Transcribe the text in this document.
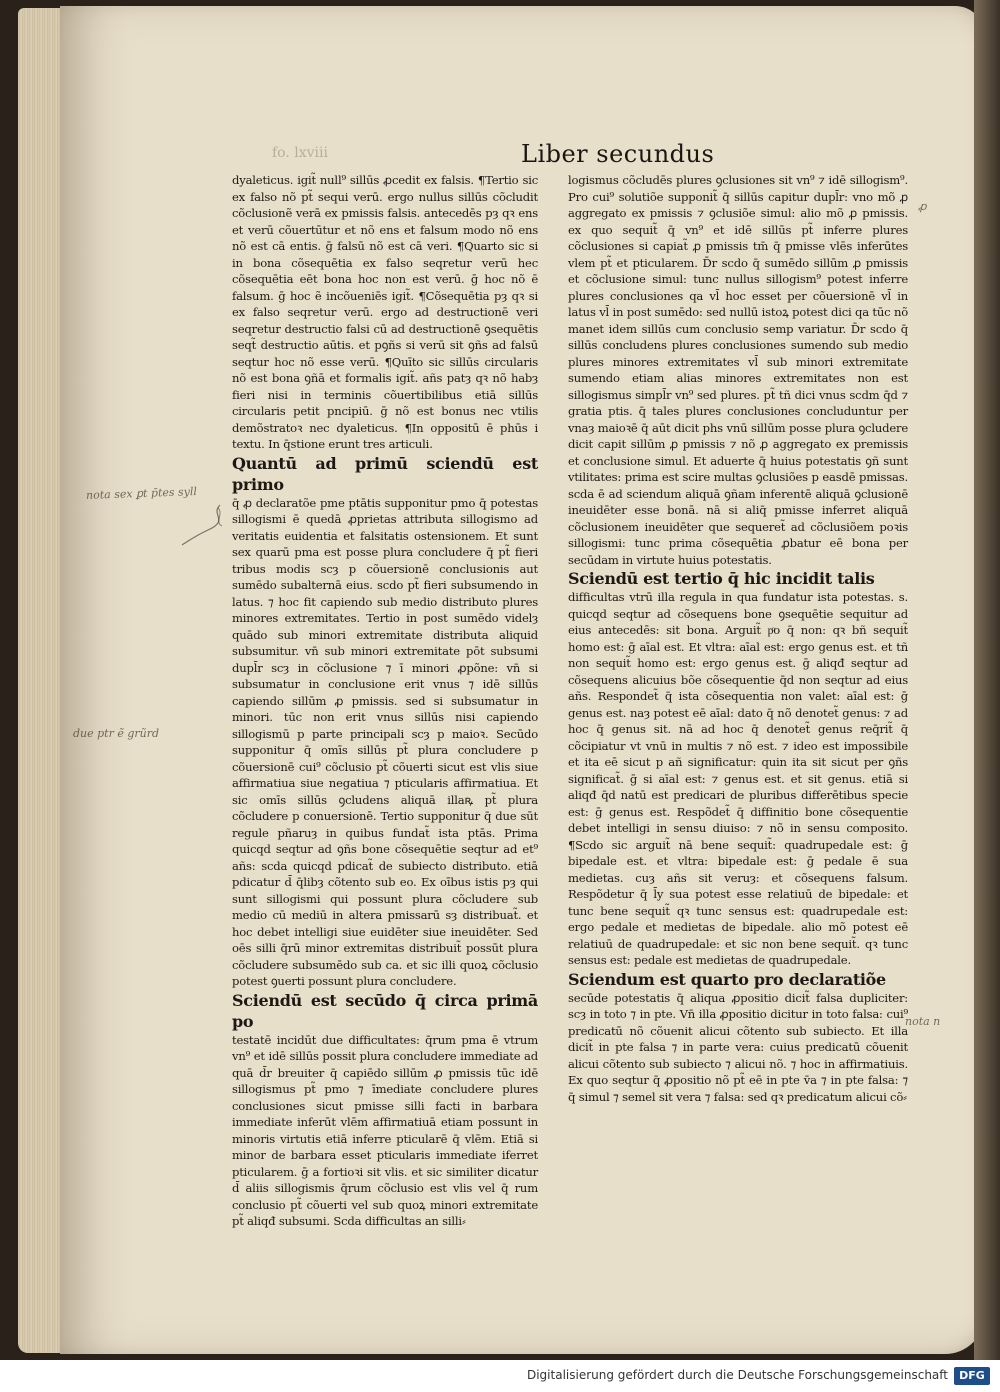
fo. lxviii	Liber secundus

dyaleticus. igit̃ null⁹ sillūs ꝓcedit ex falsis. ¶Tertio sic ex falso nõ pt̃ sequi verū. ergo nullus sillūs cõcludit cõclusionẽ verā ex pmissis falsis. antecedēs pȝ qꝛ ens et verū cõuertūtur et nõ ens et falsum modo nõ ens nõ est cā entis. ḡ falsū nõ est cā veri. ¶Quarto sic si in bona cõsequētia ex falso seqretur verū hec cõsequētia eēt bona hoc non est verū. ḡ hoc nõ ē falsum. ḡ hoc ẽ incõueniēs igit̃. ¶Cõsequētia pȝ qꝛ si ex falso seqretur verū. ergo ad destructionē veri seqretur destructio falsi cū ad destructionē ꝯsequētis seqt̃ destructio aūtis. et pꝯñs si verū sit ꝯñs ad falsū seqtur hoc nõ esse verū. ¶Quīto sic sillūs circularis nõ est bona ꝯñā et formalis igit̃. añs patȝ qꝛ nõ habȝ fieri nisi in terminis cõuertibilibus etiā sillūs circularis petit pncipiū. ḡ nõ est bonus nec vtilis demõstratoꝛ nec dyaleticus. ¶In oppositū ē phūs i textu. In q̄stione erunt tres articuli.

Quantū ad primū sciendū est primo

q̄ ꝓ declaratõe pme ptātis supponitur pmo q̄ potestas sillogismi ē quedā ꝓprietas attributa sillogismo ad veritatis euidentia et falsitatis ostensionem. Et sunt sex quarū pma est posse plura concludere q̄ pt̃ fieri tribus modis scȝ p cõuersionē conclusionis aut sumēdo subalternā eius. scdo pt̃ fieri subsumendo in latus. ⁊ hoc fit capiendo sub medio distributo plures minores extremitates. Tertio in post sumēdo videlȝ quādo sub minori extremitate distributa aliquid subsumitur. vn̄ sub minori extremitate pōt subsumi dupl̄r scȝ in cõclusione ⁊ ī minori ꝓpõne: vn̄ si subsumatur in conclusione erit vnus ⁊ idē sillūs capiendo sillūm ꝓ pmissis. sed si subsumatur in minori. tūc non erit vnus sillūs nisi capiendo sillogismū p parte principali scȝ p maioꝛ. Secūdo supponitur q̄ omīs sillūs pt̃ plura concludere p cõuersionē cui⁹ cõclusio pt̃ cõuerti sicut est vlis siue affirmatiua siue negatiua ⁊ pticularis affirmatiua. Et sic omīs sillūs ꝯcludens aliquā illaꝶ pt̃ plura cõcludere p conuersionē. Tertio supponitur q̄ due sūt regule pñaruȝ in quibus fundat̃ ista ptās. Prima quicqd seqtur ad ꝯñs bone cõsequētie seqtur ad et⁹ añs: scda quicqd pdicat̃ de subiecto distributo. etiā pdicatur d̄ q̄libȝ cõtento sub eo. Ex oībus istis pȝ qui sunt sillogismi qui possunt plura cõcludere sub medio cū mediū in altera pmissarū sȝ distribuat̃. et hoc debet intelligi siue euidēter siue ineuidēter. Sed oēs silli q̄rū minor extremitas distribuit̃ possūt plura cõcludere subsumēdo sub ca. et sic illi quoꝝ cõclusio potest ꝯuerti possunt plura concludere.

Sciendū est secūdo q̄ circa primā po

testatē incidūt due difficultates: q̄rum pma ē vtrum vn⁹ et idē sillūs possit plura concludere immediate ad quā d̄r breuiter q̄ capiēdo sillūm ꝓ pmissis tūc idē sillogismus pt̃ pmo ⁊ īmediate concludere plures conclusiones sicut pmisse silli facti in barbara immediate inferūt vlēm affirmatiuā etiam possunt in minoris virtutis etiā inferre pticularē q̄ vlēm. Etiā si minor de barbara esset pticularis immediate iferret pticularem. ḡ a fortioꝛi sit vlis. et sic similiter dicatur d̄ aliis sillogismis q̄rum cõclusio est vlis vel q̄ rum conclusio pt̃ cõuerti vel sub quoꝝ minori extremitate pt̃ aliqđ subsumi. Scda difficultas an silli⸗

logismus cõcludēs plures ꝯclusiones sit vn⁹ ⁊ idē sillogism⁹. Pro cui⁹ solutiõe supponit̃ q̄ sillūs capitur dupl̄r: vno mõ ꝓ aggregato ex pmissis ⁊ ꝯclusiõe simul: alio mõ ꝓ pmissis. ex quo sequit̃ q̄ vn⁹ et idē sillūs pt̃ inferre plures cõclusiones si capiat̃ ꝓ pmissis tm̄ q̄ pmisse vlēs inferūtes vlem pt̃ et pticularem. D̄r scdo q̄ sumēdo sillūm ꝓ pmissis et cõclusione simul: tunc nullus sillogism⁹ potest inferre plures conclusiones qa vl̄ hoc esset per cõuersionē vl̄ in latus vl̄ in post sumēdo: sed nullū istoꝝ potest dici qa tūc nõ manet idem sillūs cum conclusio semp variatur. D̄r scdo q̄ sillūs concludens plures conclusiones sumendo sub medio plures minores extremitates vl̄ sub minori extremitate sumendo etiam alias minores extremitates non est sillogismus simpl̄r vn⁹ sed plures. pt̃ tñ dici vnus scdm q̄d ⁊ gratia ptis. q̄ tales plures conclusiones concluduntur per vnaȝ maioꝛē q̄ aūt dicit phs vnū sillūm posse plura ꝯcludere dicit capit sillūm ꝓ pmissis ⁊ nõ ꝓ aggregato ex premissis et conclusione simul. Et aduerte q̄ huius potestatis ꝯñ sunt vtilitates: prima est scire multas ꝯclusiões p easdē pmissas. scda ē ad sciendum aliquā ꝯñam inferentē aliquā ꝯclusionē ineuidēter esse bonā. nā si aliq̄ pmisse inferret aliquā cõclusionem ineuidēter que sequeret̃ ad cõclusiõem poꝛis sillogismi: tunc prima cõsequētia ꝓbatur eē bona per secūdam in virtute huius potestatis.

Sciendū est tertio q̄ hic incidit talis

difficultas vtrū illa regula in qua fundatur ista potestas. s. quicqd seqtur ad cõsequens bone ꝯsequētie sequitur ad eius antecedēs: sit bona. Arguit̃ pͦo q̄ non: qꝛ bñ sequit̃ homo est: ḡ aīal est. Et vltra: aīal est: ergo genus est. et tñ non sequit̃ homo est: ergo genus est. ḡ aliqđ seqtur ad cõsequens alicuius bõe cõsequentie q̄d non seqtur ad eius añs. Respondet̃ q̄ ista cõsequentia non valet: aīal est: ḡ genus est. naȝ potest eē aīal: dato q̄ nõ denotet̃ genus: ⁊ ad hoc q̄ genus sit. nā ad hoc q̄ denotet̃ genus req̄rit̃ q̄ cõcipiatur vt vnū in multis ⁊ nõ est. ⁊ ideo est impossibile et ita eē sicut p añ significatur: quin ita sit sicut per ꝯñs significat̃. ḡ si aīal est: ⁊ genus est. et sit genus. etiā si aliqđ q̄d natū est predicari de pluribus differētibus specie est: ḡ genus est. Respõdet̃ q̄ diffinitio bone cõsequentie debet intelligi in sensu diuiso: ⁊ nõ in sensu composito. ¶Scdo sic arguit̃ nā bene sequit̃: quadrupedale est: ḡ bipedale est. et vltra: bipedale est: ḡ pedale ē sua medietas. cuȝ añs sit veruȝ: et cõsequens falsum. Respõdetur q̄ l̄y sua potest esse relatiuū de bipedale: et tunc bene sequit̃ qꝛ tunc sensus est: quadrupedale est: ergo pedale et medietas de bipedale. alio mõ potest eē relatiuū de quadrupedale: et sic non bene sequit̃. qꝛ tunc sensus est: pedale est medietas de quadrupedale.

Sciendum est quarto pro declaratiõe

secūde potestatis q̄ aliqua ꝓpositio dicit̃ falsa dupliciter: scȝ in toto ⁊ in pte. Vn̄ illa ꝓpositio dicitur in toto falsa: cui⁹ predicatū nõ cõuenit alicui cõtento sub subiecto. Et illa dicit̃ in pte falsa ⁊ in parte vera: cuius predicatū cõuenit alicui cõtento sub subiecto ⁊ alicui nõ. ⁊ hoc in affirmatiuis. Ex quo seqtur q̄ ꝓpositio nõ pt̃ eē in pte v̄a ⁊ in pte falsa: ⁊ q̄ simul ⁊ semel sit vera ⁊ falsa: sed qꝛ predicatum alicui cõ⸗

nota sex ꝑt p̄tes syll
due ptr ẽ grũrd
ꝓ
nota n
Digitalisierung gefördert durch die Deutsche Forschungsgemeinschaft	DFG
